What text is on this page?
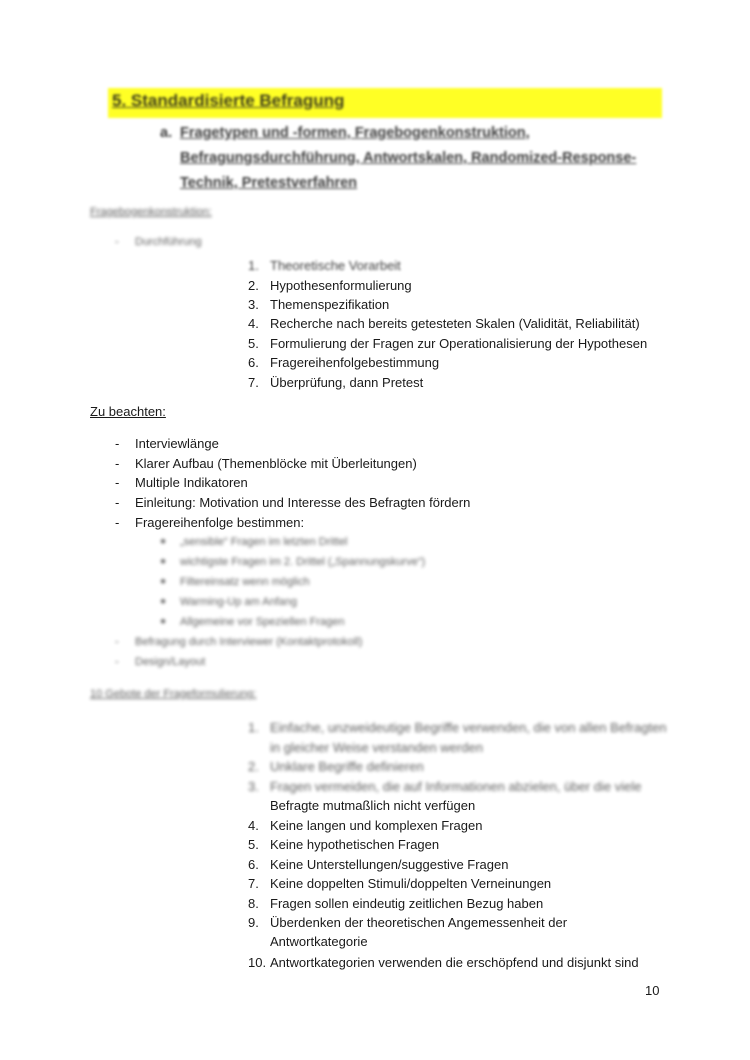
5. Standardisierte Befragung
a. Fragetypen und -formen, Fragebogenkonstruktion, Befragungsdurchführung, Antwortskalen, Randomized-Response-Technik, Pretestverfahren
Fragebogenkonstruktion:
- Durchführung
1. Theoretische Vorarbeit
2. Hypothesenformulierung
3. Themenspezifikation
4. Recherche nach bereits getesteten Skalen (Validität, Reliabilität)
5. Formulierung der Fragen zur Operationalisierung der Hypothesen
6. Fragereihenfolgebestimmung
7. Überprüfung, dann Pretest
Zu beachten:
- Interviewlänge
- Klarer Aufbau (Themenblöcke mit Überleitungen)
- Multiple Indikatoren
- Einleitung: Motivation und Interesse des Befragten fördern
- Fragereihenfolge bestimmen:
● „sensible“ Fragen im letzten Drittel
● wichtigste Fragen im 2. Drittel („Spannungskurve“)
● Filtereinsatz wenn möglich
● Warming-Up am Anfang
● Allgemeine vor Speziellen Fragen
- Befragung durch Interviewer (Kontaktprotokoll)
- Design/Layout
10 Gebote der Frageformulierung:
1. Einfache, unzweideutige Begriffe verwenden, die von allen Befragten
in gleicher Weise verstanden werden
2. Unklare Begriffe definieren
3. Fragen vermeiden, die auf Informationen abzielen, über die viele
Befragte mutmaßlich nicht verfügen
4. Keine langen und komplexen Fragen
5. Keine hypothetischen Fragen
6. Keine Unterstellungen/suggestive Fragen
7. Keine doppelten Stimuli/doppelten Verneinungen
8. Fragen sollen eindeutig zeitlichen Bezug haben
9. Überdenken der theoretischen Angemessenheit der
Antwortkategorie
10. Antwortkategorien verwenden die erschöpfend und disjunkt sind
10
